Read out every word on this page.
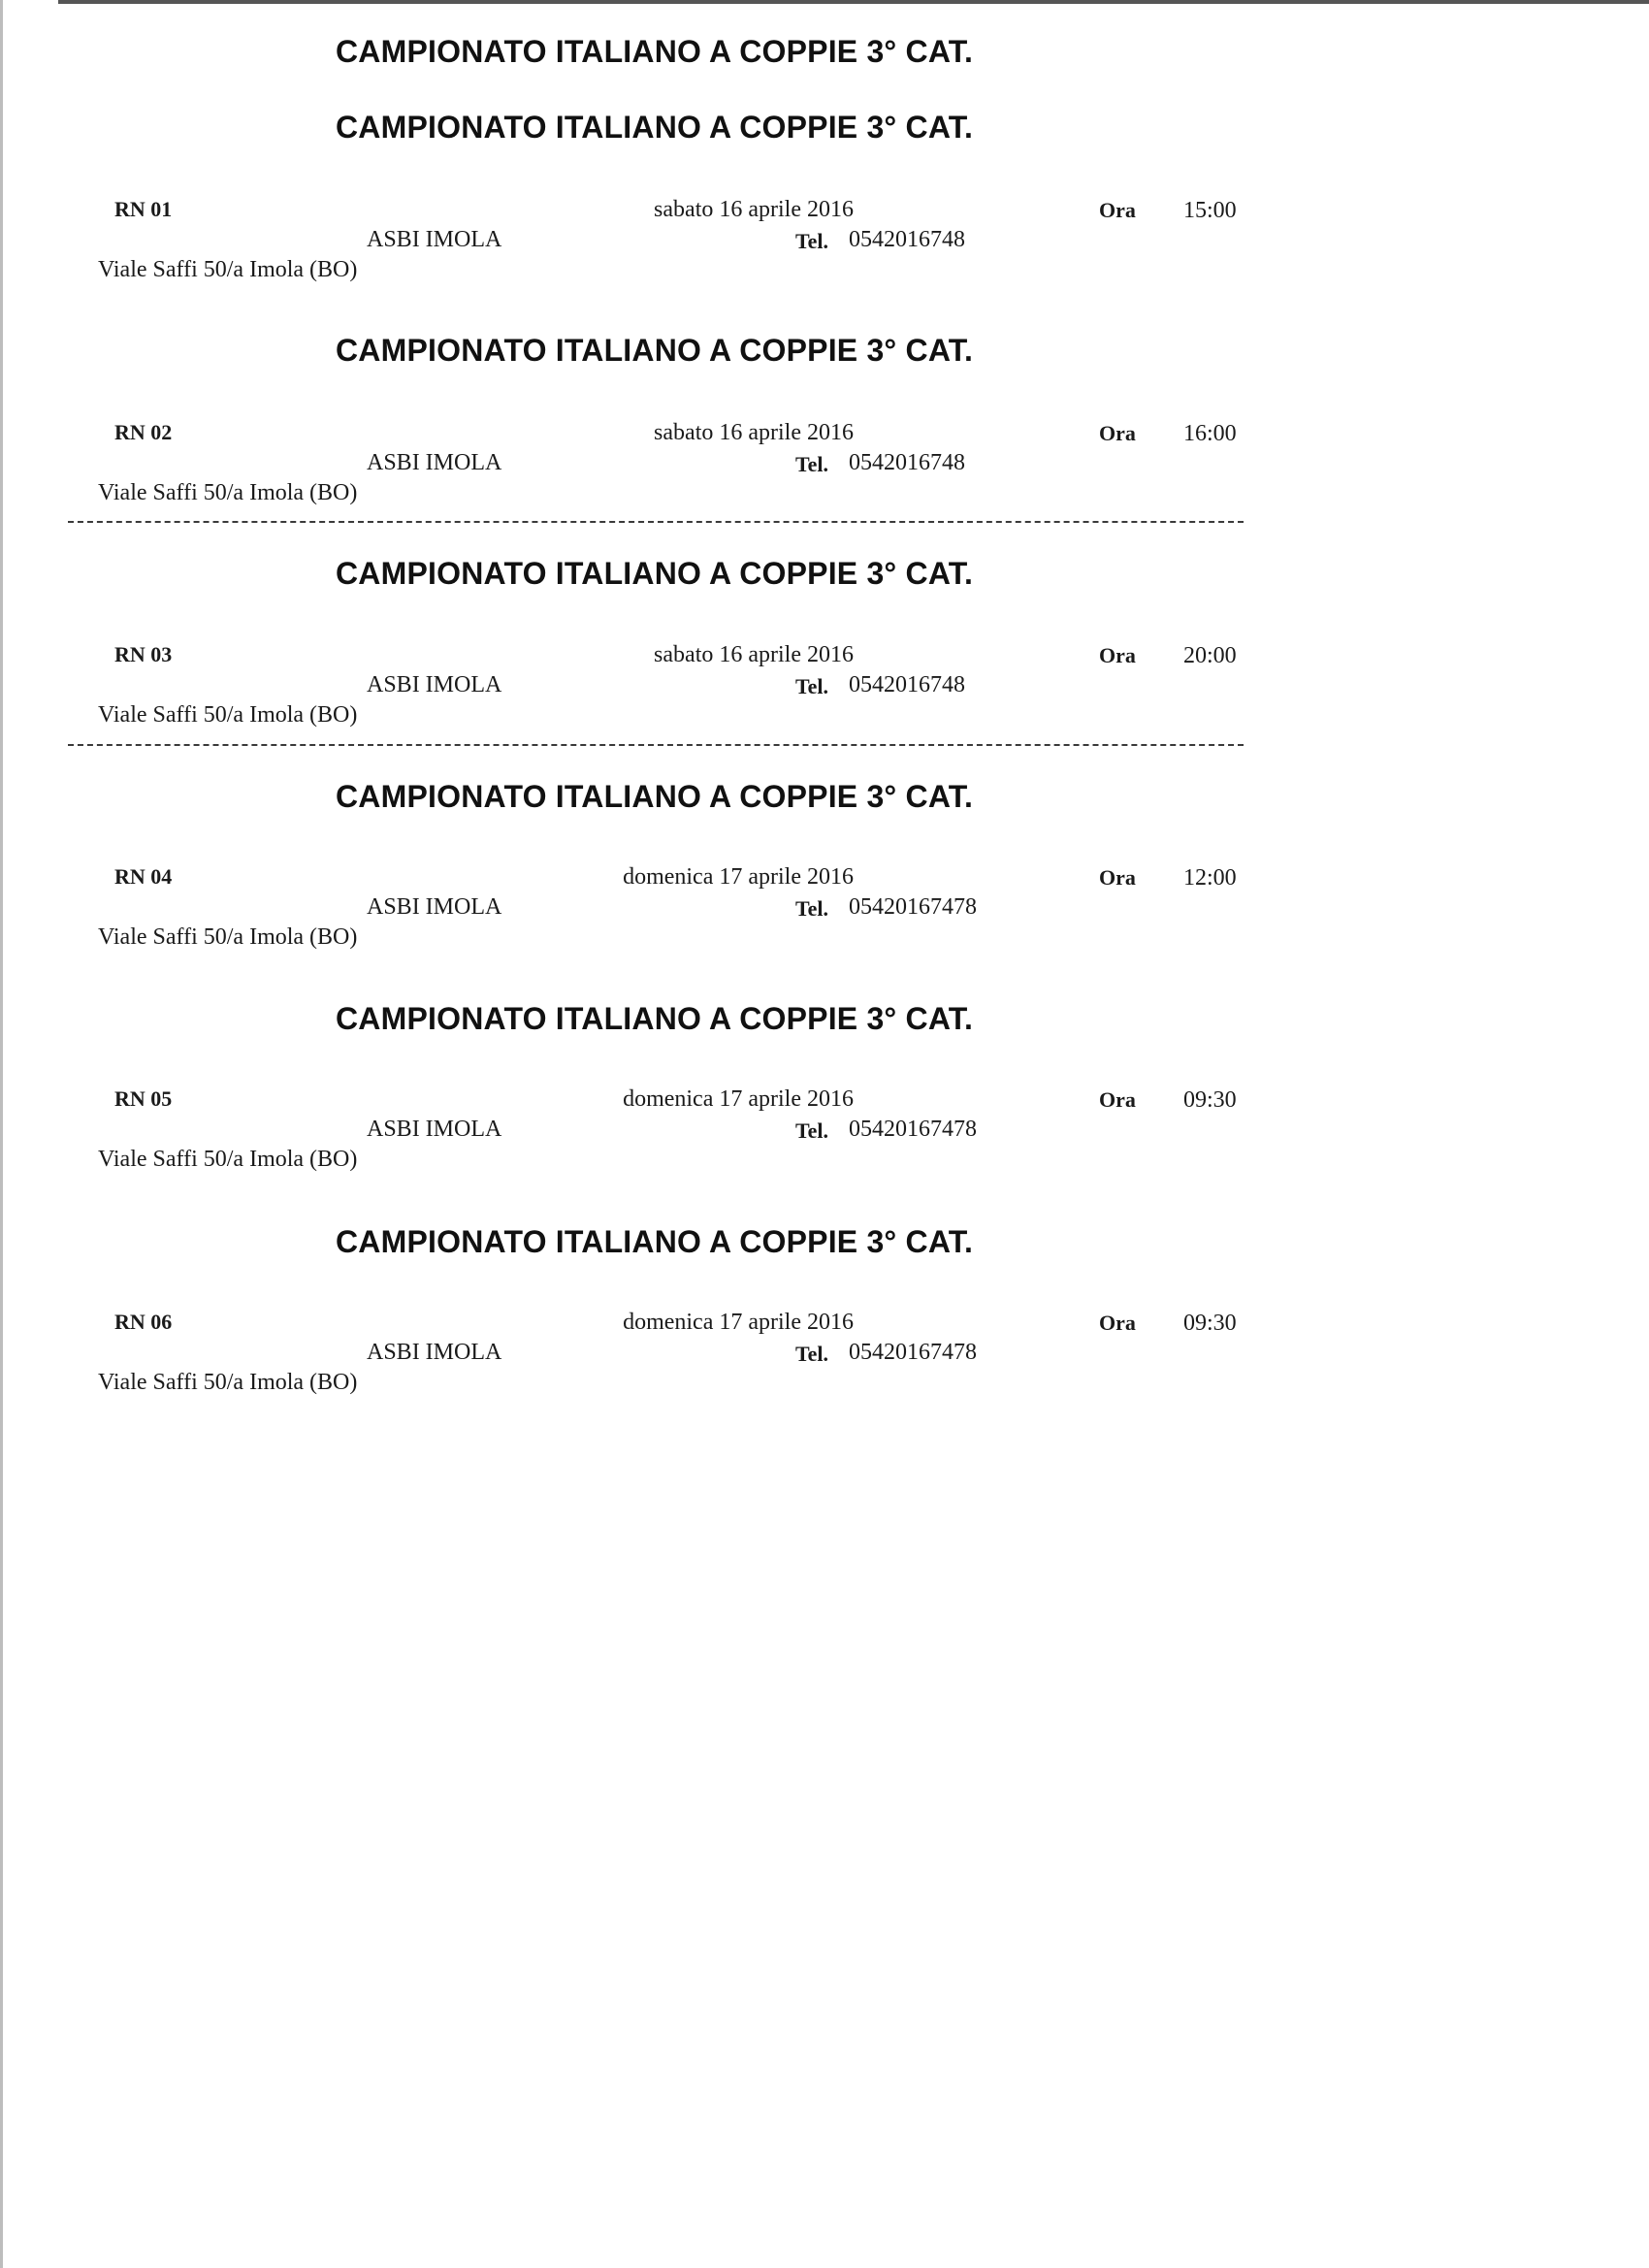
CAMPIONATO ITALIANO A COPPIE 3° CAT.
CAMPIONATO ITALIANO A COPPIE 3° CAT.
RN 01	sabato 16 aprile 2016	Ora 15:00
ASBI IMOLA	Tel. 0542016748
Viale Saffi 50/a Imola (BO)
CAMPIONATO ITALIANO A COPPIE 3° CAT.
RN 02	sabato 16 aprile 2016	Ora 16:00
ASBI IMOLA	Tel. 0542016748
Viale Saffi 50/a Imola (BO)
CAMPIONATO ITALIANO A COPPIE 3° CAT.
RN 03	sabato 16 aprile 2016	Ora 20:00
ASBI IMOLA	Tel. 0542016748
Viale Saffi 50/a Imola (BO)
CAMPIONATO ITALIANO A COPPIE 3° CAT.
RN 04	domenica 17 aprile 2016	Ora 12:00
ASBI IMOLA	Tel. 05420167478
Viale Saffi 50/a Imola (BO)
CAMPIONATO ITALIANO A COPPIE 3° CAT.
RN 05	domenica 17 aprile 2016	Ora 09:30
ASBI IMOLA	Tel. 05420167478
Viale Saffi 50/a Imola (BO)
CAMPIONATO ITALIANO A COPPIE 3° CAT.
RN 06	domenica 17 aprile 2016	Ora 09:30
ASBI IMOLA	Tel. 05420167478
Viale Saffi 50/a Imola (BO)
